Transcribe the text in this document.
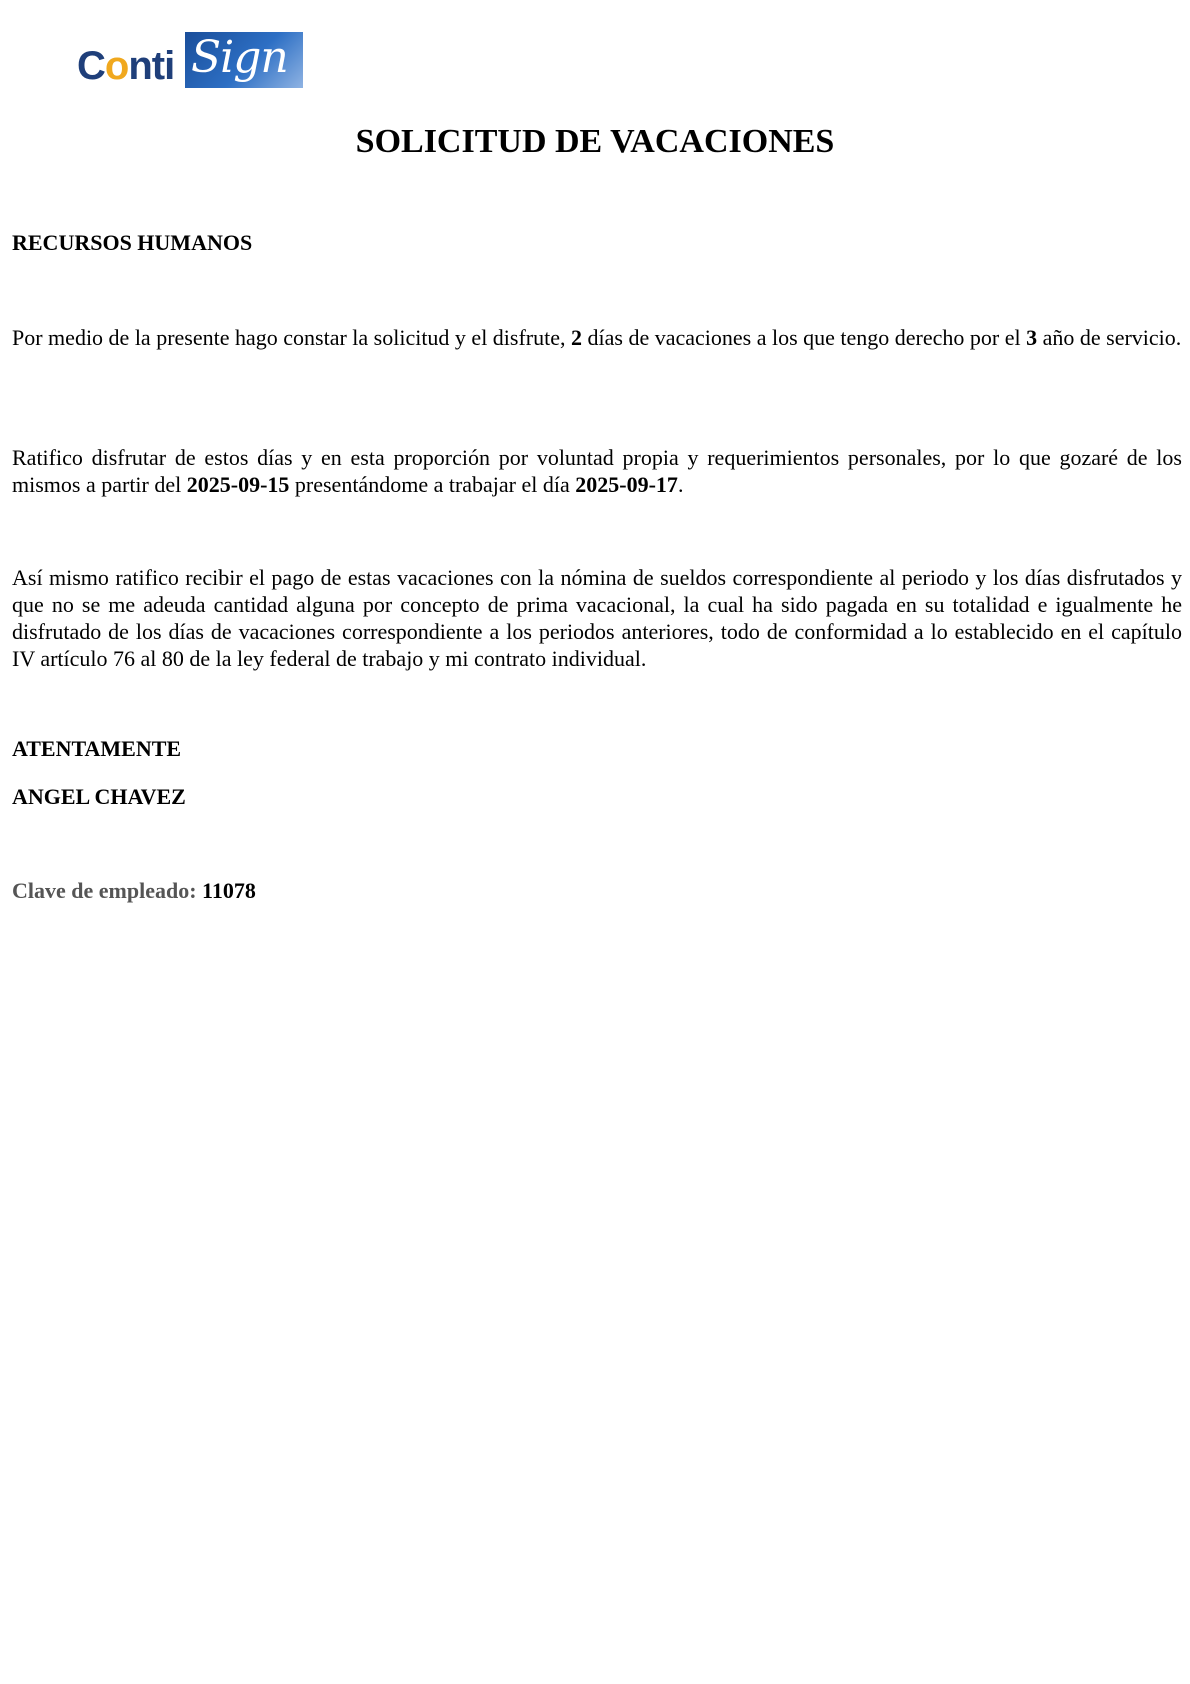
Conti Sign
SOLICITUD DE VACACIONES

RECURSOS HUMANOS

Por medio de la presente hago constar la solicitud y el disfrute, 2 días de vacaciones a los que tengo derecho por el 3 año de servicio.

Ratifico disfrutar de estos días y en esta proporción por voluntad propia y requerimientos personales, por lo que gozaré de los mismos a partir del 2025-09-15 presentándome a trabajar el día 2025-09-17.

Así mismo ratifico recibir el pago de estas vacaciones con la nómina de sueldos correspondiente al periodo y los días disfrutados y que no se me adeuda cantidad alguna por concepto de prima vacacional, la cual ha sido pagada en su totalidad e igualmente he disfrutado de los días de vacaciones correspondiente a los periodos anteriores, todo de conformidad a lo establecido en el capítulo IV artículo 76 al 80 de la ley federal de trabajo y mi contrato individual.

ATENTAMENTE

ANGEL CHAVEZ

Clave de empleado: 11078
